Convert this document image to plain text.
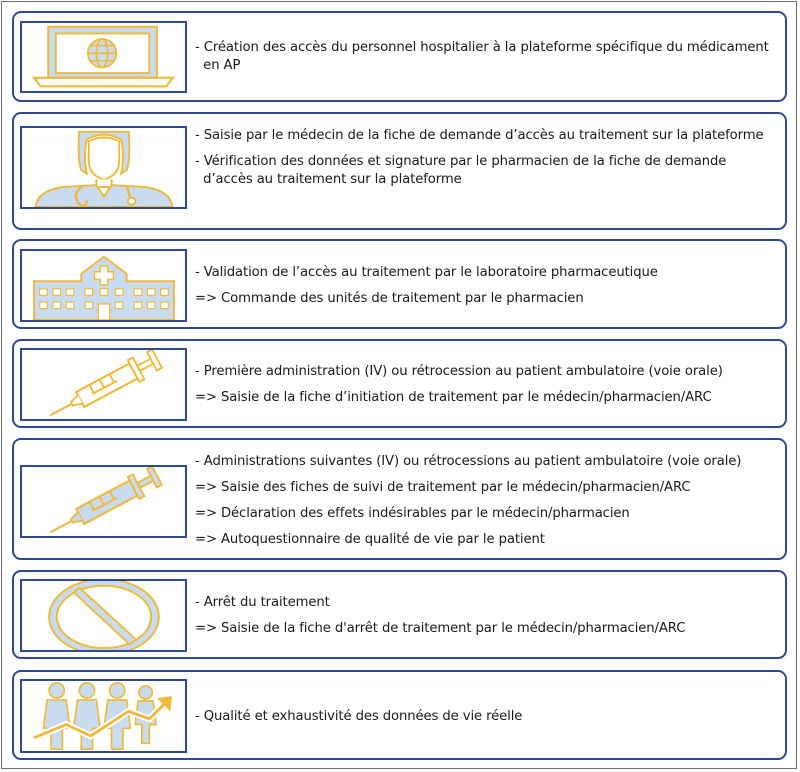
- Création des accès du personnel hospitalier à la plateforme spécifique du médicament
en AP
- Saisie par le médecin de la fiche de demande d’accès au traitement sur la plateforme
- Vérification des données et signature par le pharmacien de la fiche de demande
d’accès au traitement sur la plateforme
- Validation de l’accès au traitement par le laboratoire pharmaceutique
=> Commande des unités de traitement par le pharmacien
- Première administration (IV) ou rétrocession au patient ambulatoire (voie orale)
=> Saisie de la fiche d’initiation de traitement par le médecin/pharmacien/ARC
- Administrations suivantes (IV) ou rétrocessions au patient ambulatoire (voie orale)
=> Saisie des fiches de suivi de traitement par le médecin/pharmacien/ARC
=> Déclaration des effets indésirables par le médecin/pharmacien
=> Autoquestionnaire de qualité de vie par le patient
- Arrêt du traitement
=> Saisie de la fiche d'arrêt de traitement par le médecin/pharmacien/ARC
- Qualité et exhaustivité des données de vie réelle
